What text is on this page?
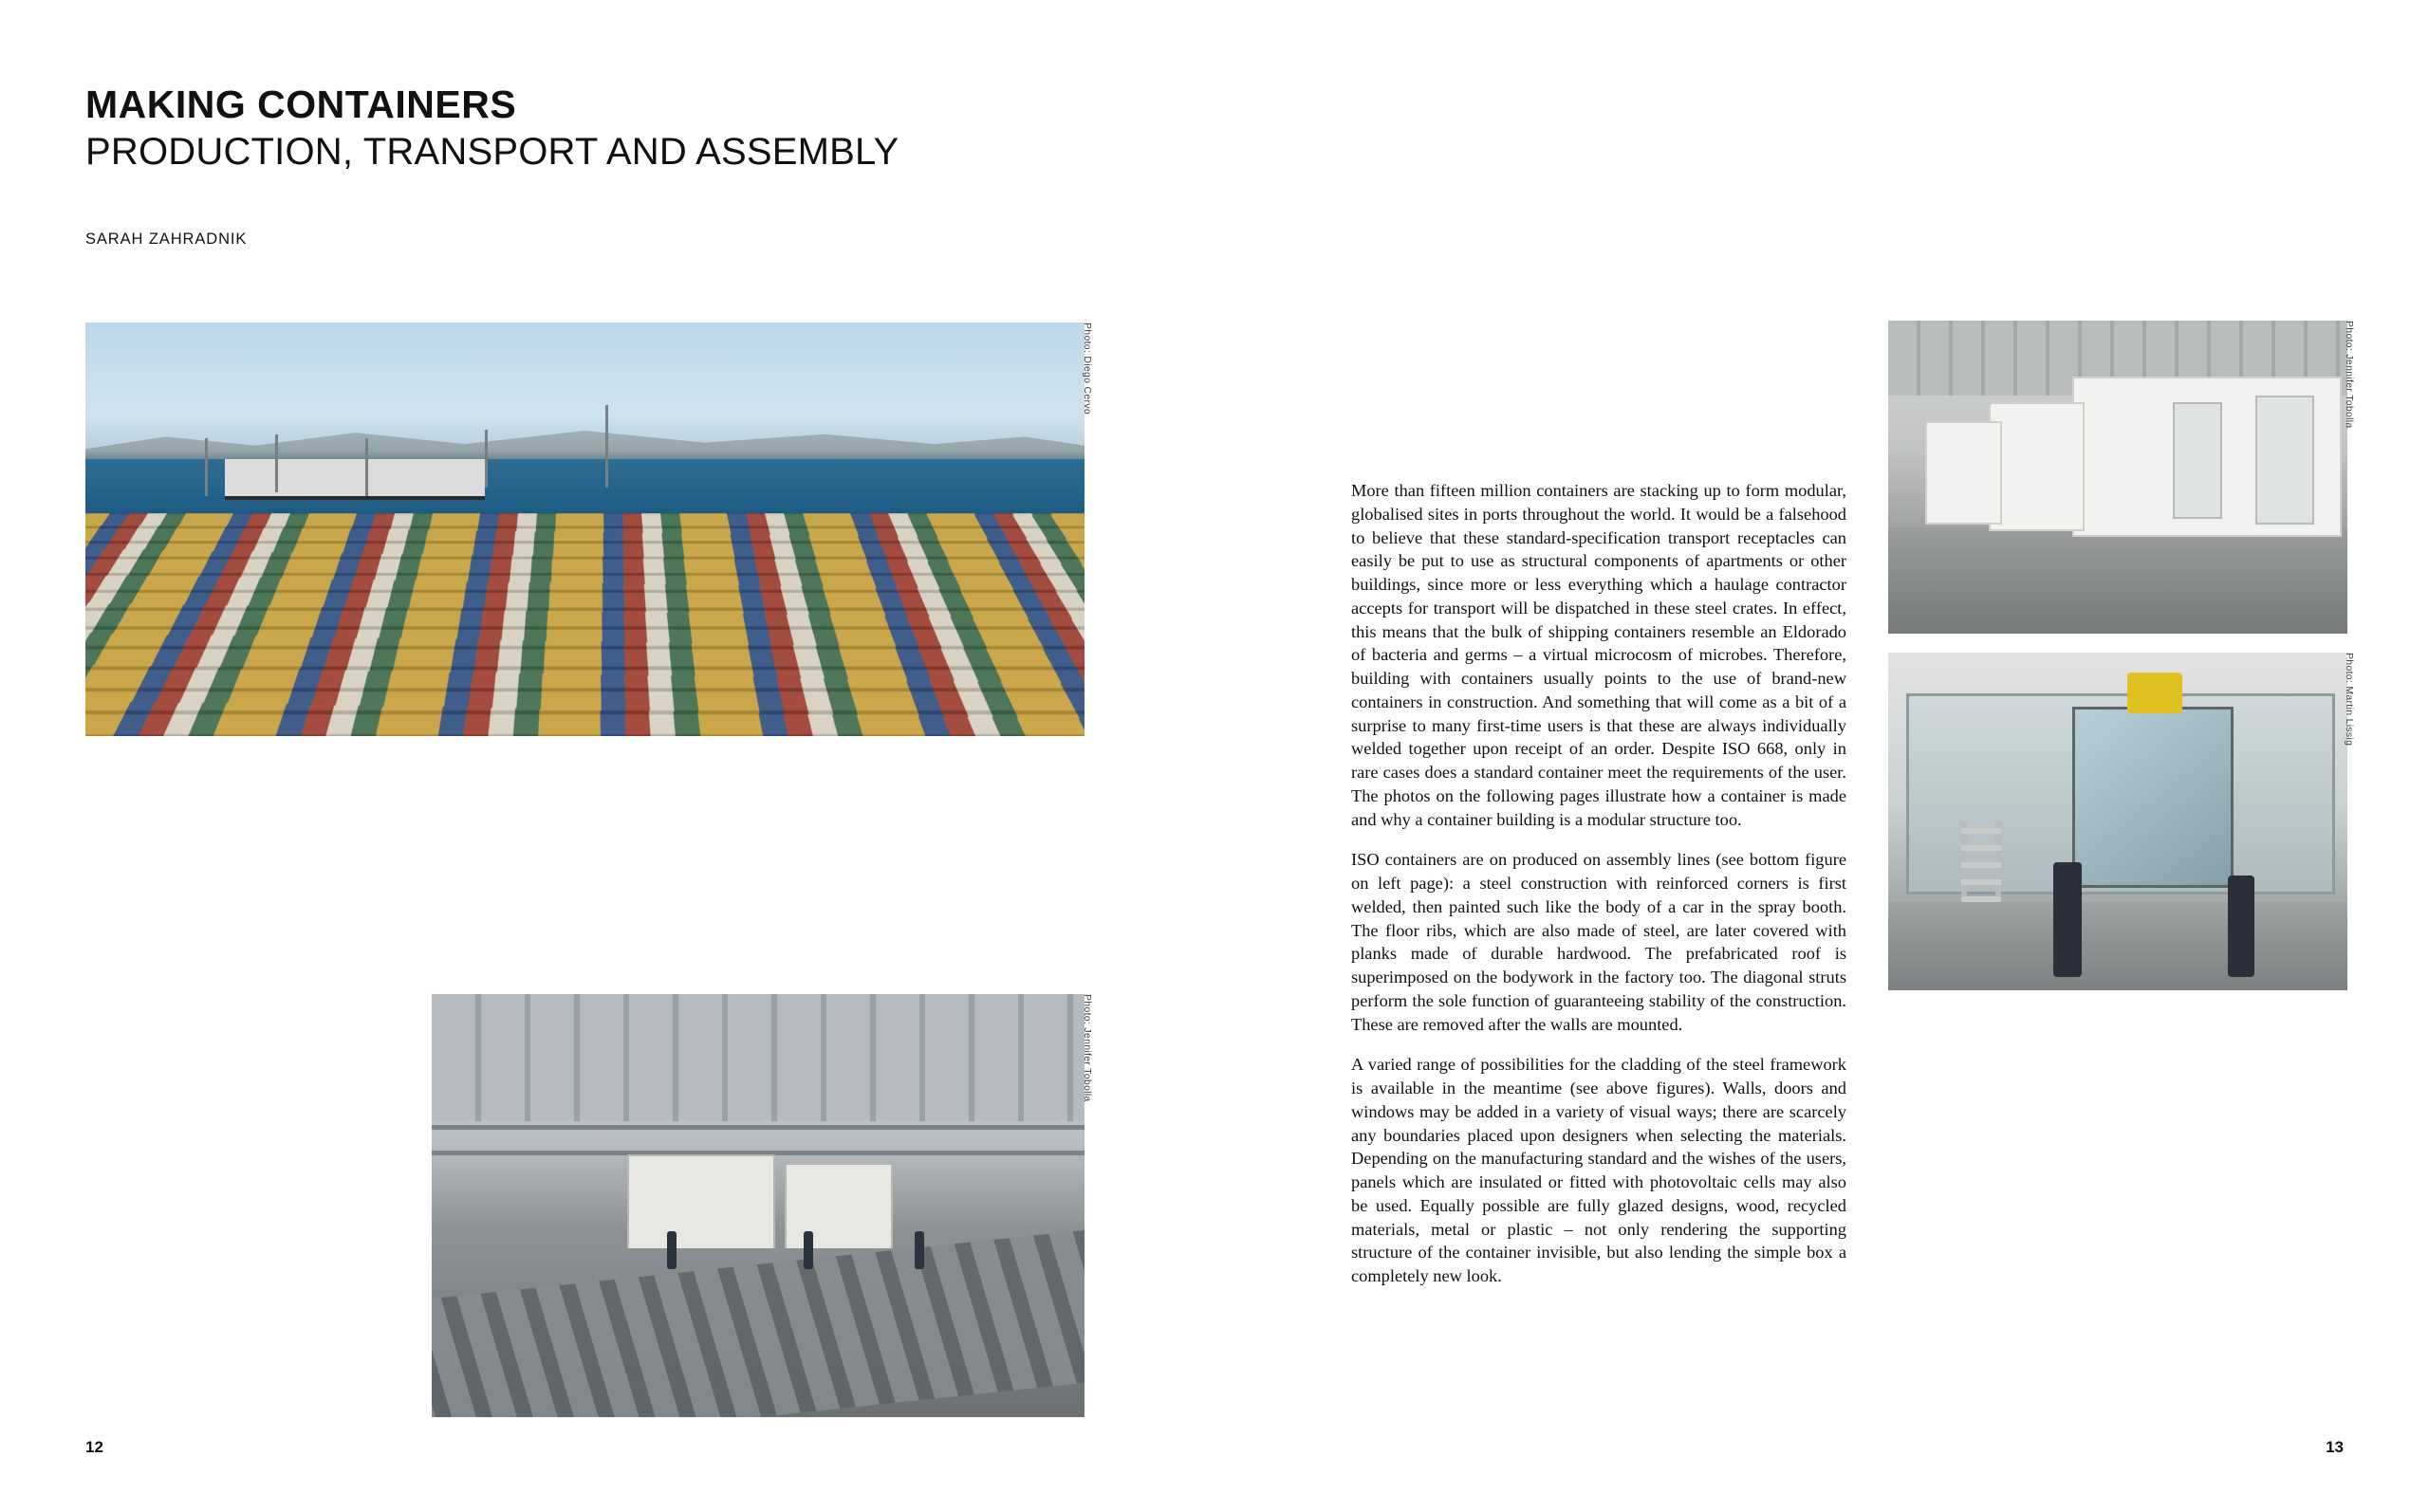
MAKING CONTAINERS
PRODUCTION, TRANSPORT AND ASSEMBLY
SARAH ZAHRADNIK
Photo: Diego Cervo
Photo: Jennifer Tobolla
12
Photo: Jennifer Tobolla
Photo: Martin Lissig

More than fifteen million containers are stacking up to form modular, globalised sites in ports throughout the world. It would be a falsehood to believe that these standard-specification transport receptacles can easily be put to use as structural components of apartments or other buildings, since more or less everything which a haulage contractor accepts for transport will be dispatched in these steel crates. In effect, this means that the bulk of shipping containers resemble an Eldorado of bacteria and germs – a virtual microcosm of microbes. Therefore, building with containers usually points to the use of brand-new containers in construction. And something that will come as a bit of a surprise to many first-time users is that these are always individually welded together upon receipt of an order. Despite ISO 668, only in rare cases does a standard container meet the requirements of the user. The photos on the following pages illustrate how a container is made and why a container building is a modular structure too.

ISO containers are on produced on assembly lines (see bottom figure on left page): a steel construction with reinforced corners is first welded, then painted such like the body of a car in the spray booth. The floor ribs, which are also made of steel, are later covered with planks made of durable hardwood. The prefabricated roof is superimposed on the bodywork in the factory too. The diagonal struts perform the sole function of guaranteeing stability of the construction. These are removed after the walls are mounted.

A varied range of possibilities for the cladding of the steel framework is available in the meantime (see above figures). Walls, doors and windows may be added in a variety of visual ways; there are scarcely any boundaries placed upon designers when selecting the materials. Depending on the manufacturing standard and the wishes of the users, panels which are insulated or fitted with photovoltaic cells may also be used. Equally possible are fully glazed designs, wood, recycled materials, metal or plastic – not only rendering the supporting structure of the container invisible, but also lending the simple box a completely new look.

13
